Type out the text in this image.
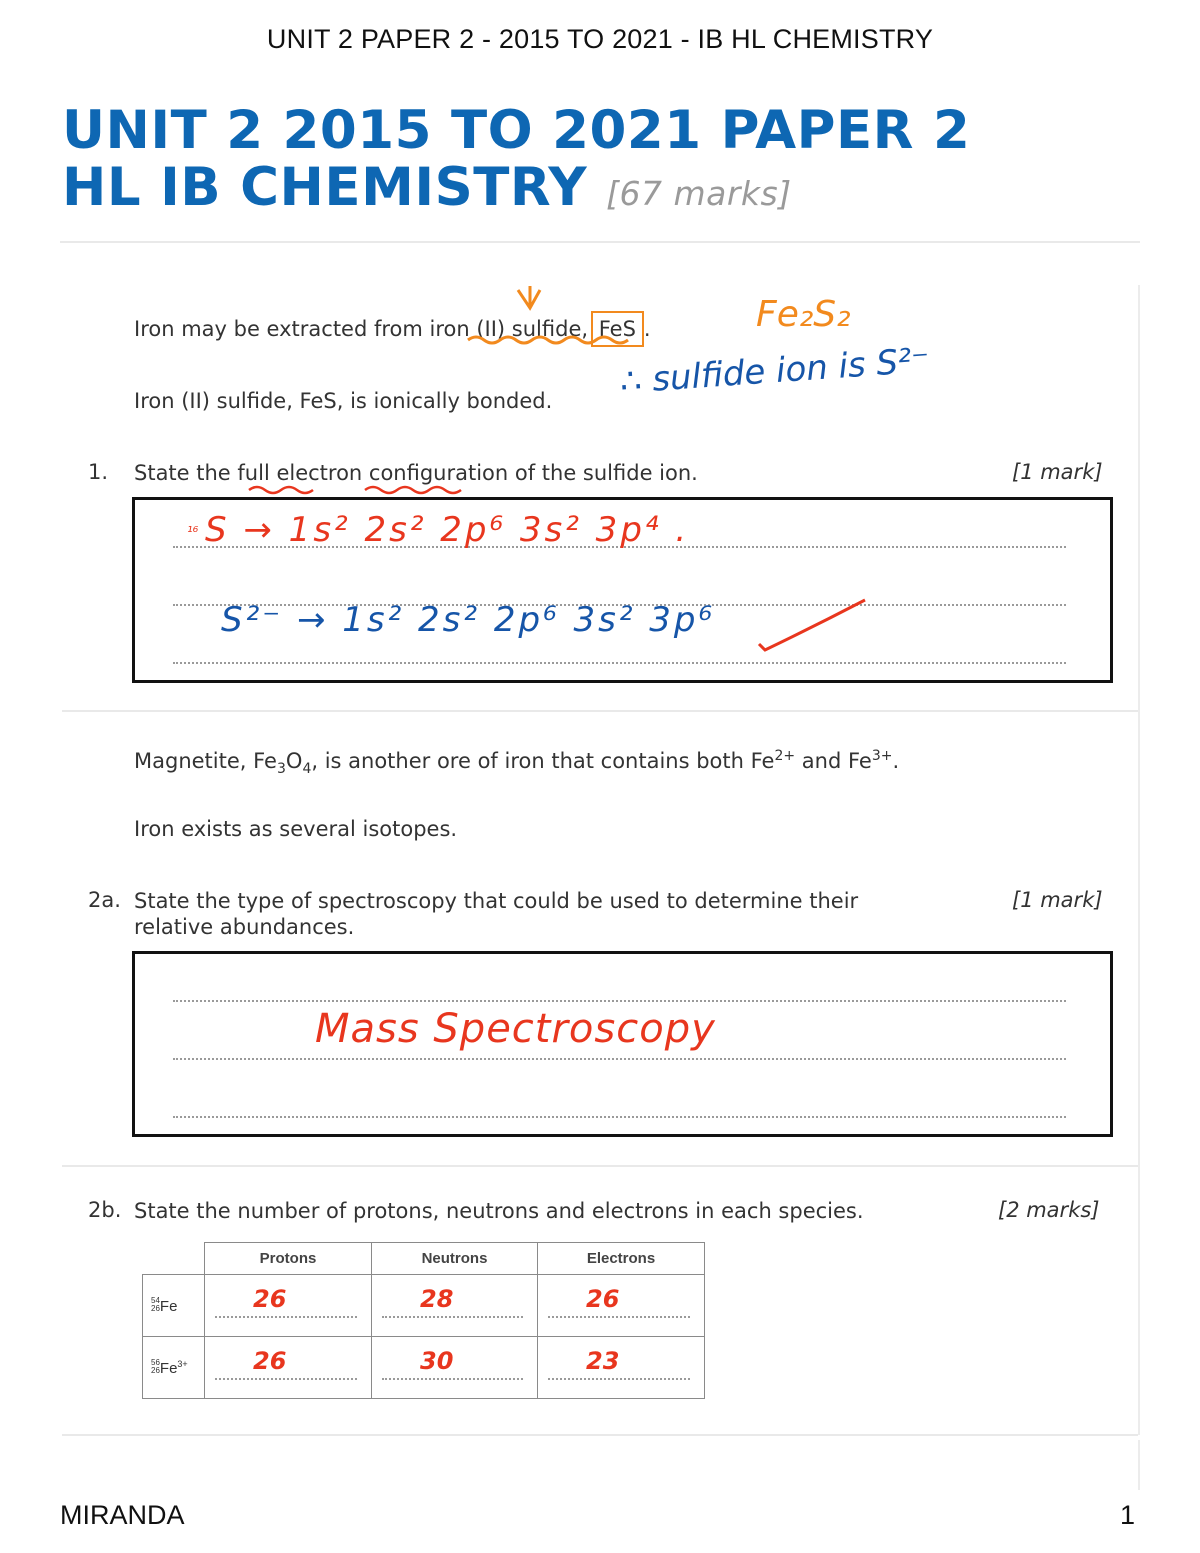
UNIT 2 PAPER 2 - 2015 TO 2021 - IB HL CHEMISTRY
UNIT 2 2015 TO 2021 PAPER 2
HL IB CHEMISTRY [67 marks]
Iron may be extracted from iron (II) sulfide, FeS .	Fe₂S₂
Iron (II) sulfide, FeS, is ionically bonded. ∴ sulfide ion is S²⁻
1. State the full electron configuration of the sulfide ion.	[1 mark]
₁₆ S → 1s² 2s² 2p⁶ 3s² 3p⁴ .
S²⁻ → 1s² 2s² 2p⁶ 3s² 3p⁶
Magnetite, $Fe_3O_4$, is another ore of iron that contains both $Fe^{2+}$ and $Fe^{3+}$.
Iron exists as several isotopes.
2a. State the type of spectroscopy that could be used to determine their
relative abundances.
[1 mark]
Mass Spectroscopy
2b. State the number of protons, neutrons and electrons in each species.	[2 marks]
	Protons	Neutrons	Electrons
54
26Fe	26	28	26

56
$26Fe^{3+}$	26	30	23
MIRANDA	1
